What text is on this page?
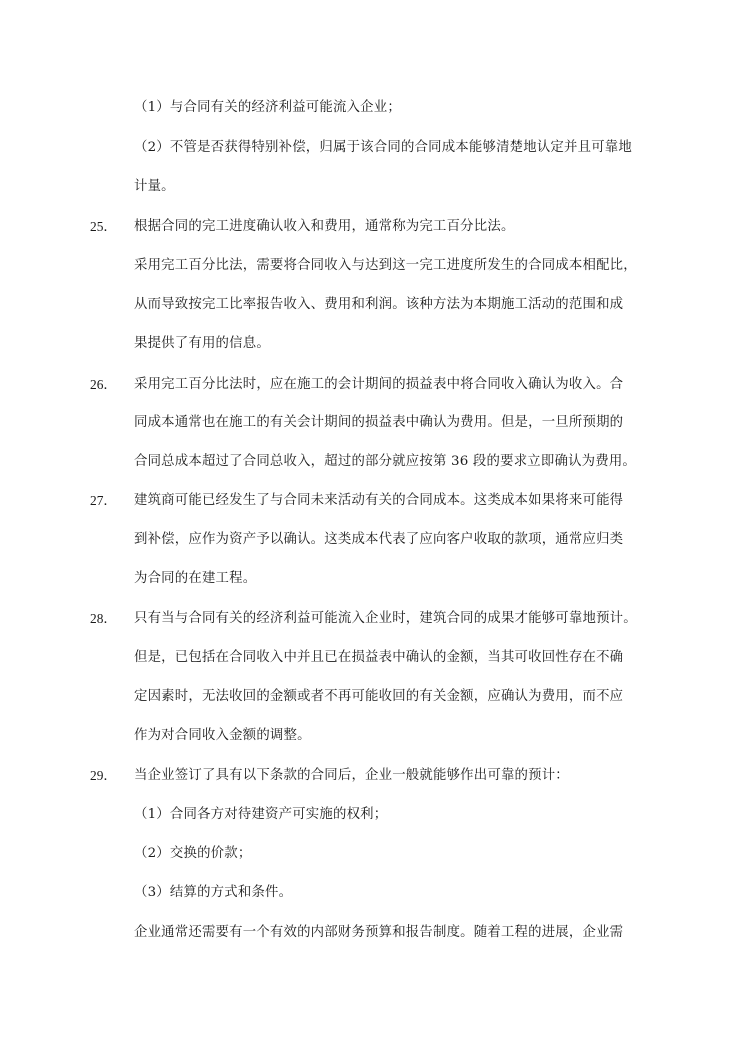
（1）与合同有关的经济利益可能流入企业；
（2）不管是否获得特别补偿，归属于该合同的合同成本能够清楚地认定并且可靠地
计量。
25． 根据合同的完工进度确认收入和费用，通常称为完工百分比法。
采用完工百分比法，需要将合同收入与达到这一完工进度所发生的合同成本相配比，
从而导致按完工比率报告收入、费用和利润。该种方法为本期施工活动的范围和成
果提供了有用的信息。
26． 采用完工百分比法时，应在施工的会计期间的损益表中将合同收入确认为收入。合
同成本通常也在施工的有关会计期间的损益表中确认为费用。但是，一旦所预期的
合同总成本超过了合同总收入，超过的部分就应按第 36 段的要求立即确认为费用。
27． 建筑商可能已经发生了与合同未来活动有关的合同成本。这类成本如果将来可能得
到补偿，应作为资产予以确认。这类成本代表了应向客户收取的款项，通常应归类
为合同的在建工程。
28． 只有当与合同有关的经济利益可能流入企业时，建筑合同的成果才能够可靠地预计。
但是，已包括在合同收入中并且已在损益表中确认的金额，当其可收回性存在不确
定因素时，无法收回的金额或者不再可能收回的有关金额，应确认为费用，而不应
作为对合同收入金额的调整。
29． 当企业签订了具有以下条款的合同后，企业一般就能够作出可靠的预计：
（1）合同各方对待建资产可实施的权利；
（2）交换的价款；
（3）结算的方式和条件。
企业通常还需要有一个有效的内部财务预算和报告制度。随着工程的进展，企业需
